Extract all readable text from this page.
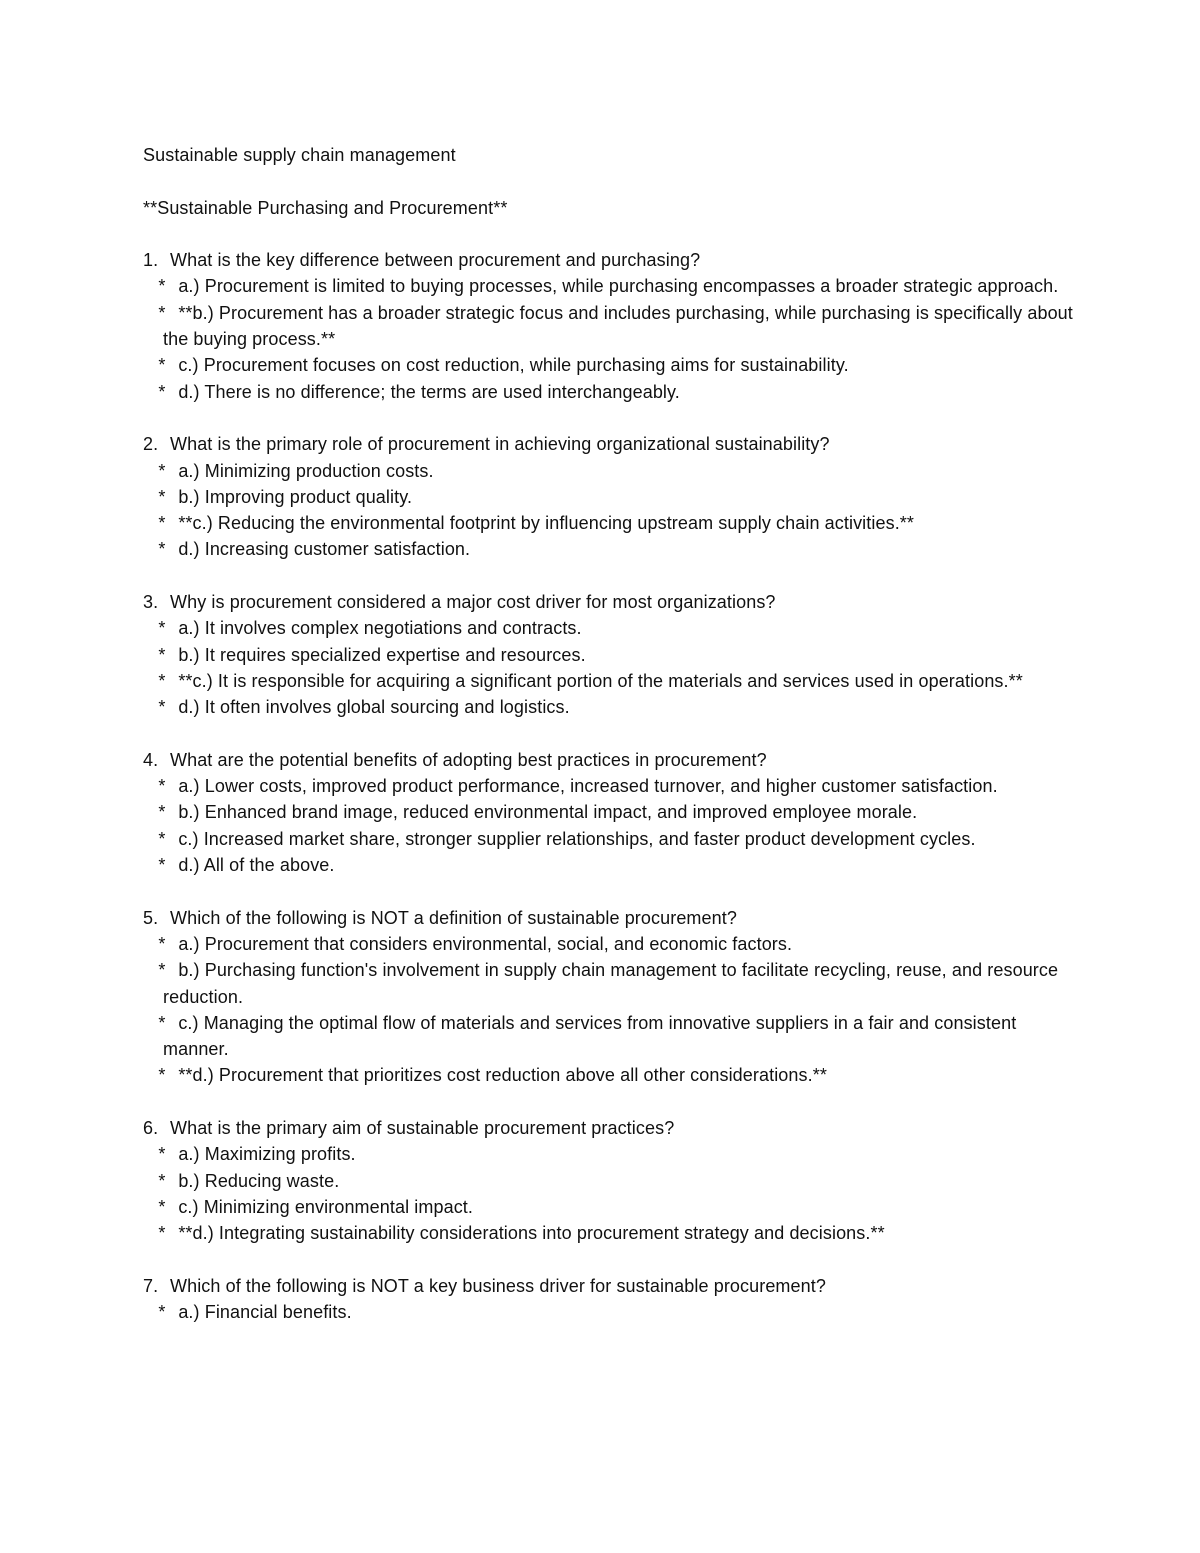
Sustainable supply chain management

**Sustainable Purchasing and Procurement**

1. What is the key difference between procurement and purchasing?

* a.) Procurement is limited to buying processes, while purchasing encompasses a broader strategic approach.

* **b.) Procurement has a broader strategic focus and includes purchasing, while purchasing is specifically about the buying process.**

* c.) Procurement focuses on cost reduction, while purchasing aims for sustainability.

* d.) There is no difference; the terms are used interchangeably.

2. What is the primary role of procurement in achieving organizational sustainability?

* a.) Minimizing production costs.

* b.) Improving product quality.

* **c.) Reducing the environmental footprint by influencing upstream supply chain activities.**

* d.) Increasing customer satisfaction.

3. Why is procurement considered a major cost driver for most organizations?

* a.) It involves complex negotiations and contracts.

* b.) It requires specialized expertise and resources.

* **c.) It is responsible for acquiring a significant portion of the materials and services used in operations.**

* d.) It often involves global sourcing and logistics.

4. What are the potential benefits of adopting best practices in procurement?

* a.) Lower costs, improved product performance, increased turnover, and higher customer satisfaction.

* b.) Enhanced brand image, reduced environmental impact, and improved employee morale.

* c.) Increased market share, stronger supplier relationships, and faster product development cycles.

* d.) All of the above.

5. Which of the following is NOT a definition of sustainable procurement?

* a.) Procurement that considers environmental, social, and economic factors.

* b.) Purchasing function's involvement in supply chain management to facilitate recycling, reuse, and resource reduction.

* c.) Managing the optimal flow of materials and services from innovative suppliers in a fair and consistent manner.

* **d.) Procurement that prioritizes cost reduction above all other considerations.**

6. What is the primary aim of sustainable procurement practices?

* a.) Maximizing profits.

* b.) Reducing waste.

* c.) Minimizing environmental impact.

* **d.) Integrating sustainability considerations into procurement strategy and decisions.**

7. Which of the following is NOT a key business driver for sustainable procurement?

* a.) Financial benefits.
